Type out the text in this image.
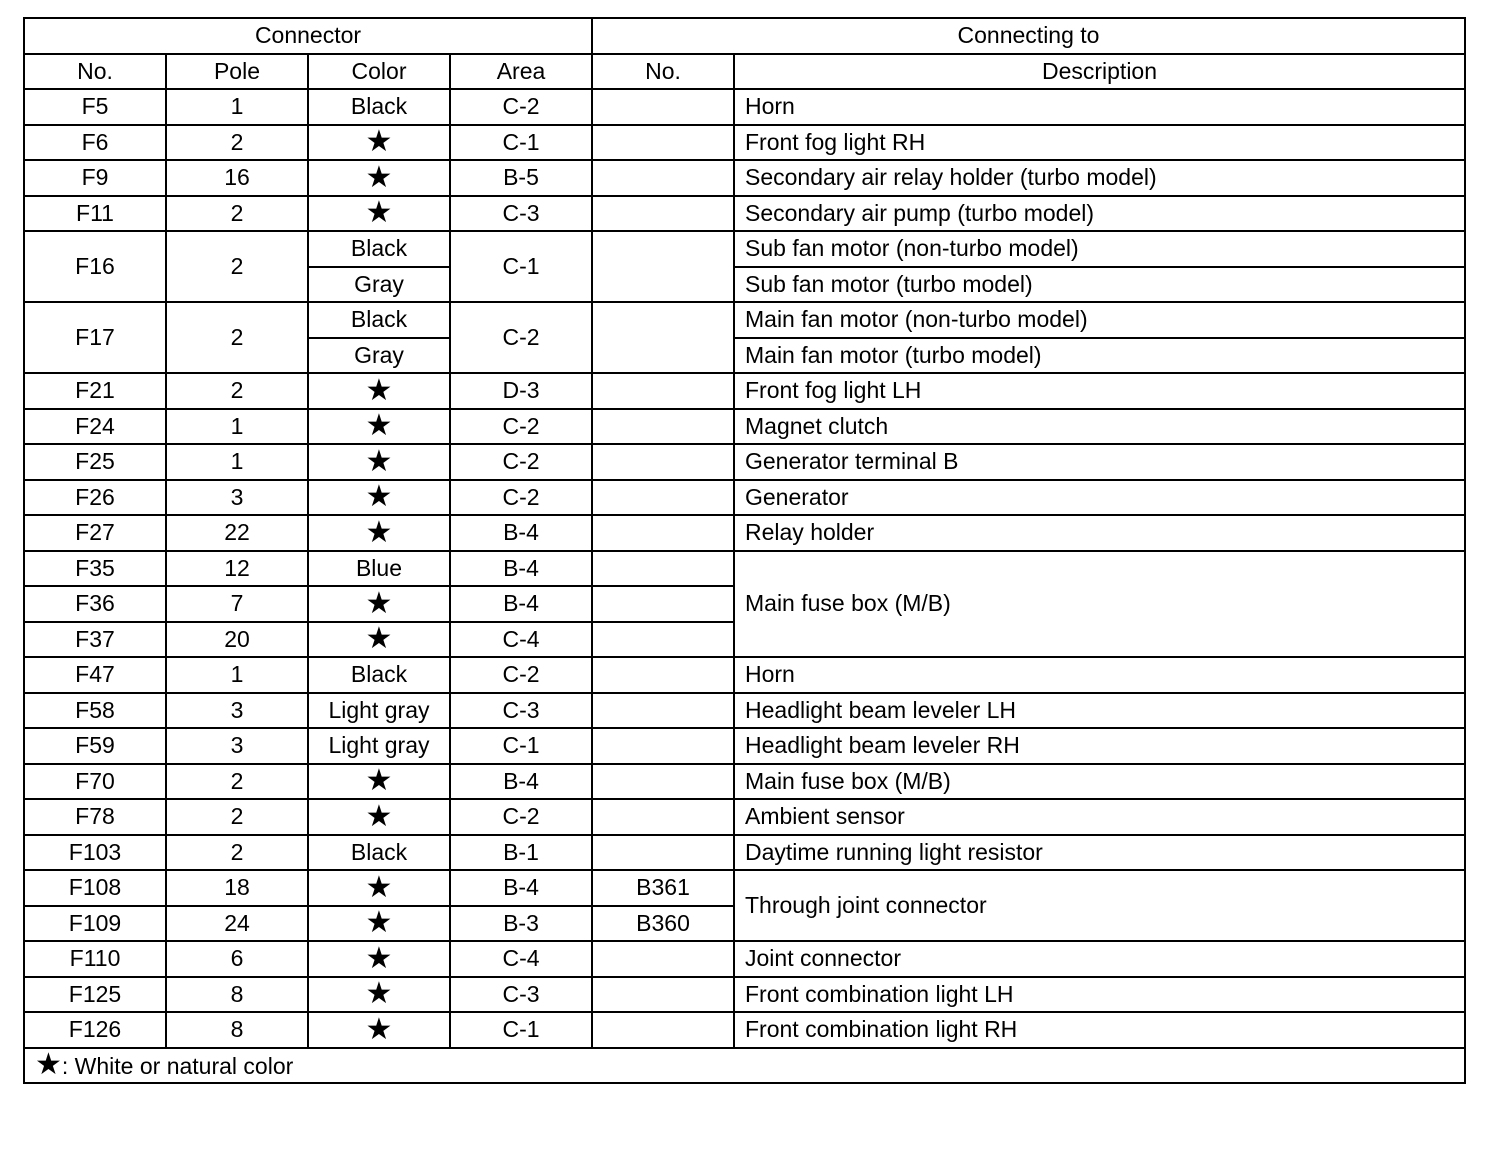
Connector				Connecting to	
No.	Pole	Color	Area	No.	Description
F5	1	Black	C-2		Horn
F6	2	★	C-1		Front fog light RH
F9	16	★	B-5		Secondary air relay holder (turbo model)
F11	2	★	C-3		Secondary air pump (turbo model)
F16	2	Black	C-1		Sub fan motor (non-turbo model)
		Gray			Sub fan motor (turbo model)
F17	2	Black	C-2		Main fan motor (non-turbo model)
		Gray			Main fan motor (turbo model)
F21	2	★	D-3		Front fog light LH
F24	1	★	C-2		Magnet clutch
F25	1	★	C-2		Generator terminal B
F26	3	★	C-2		Generator
F27	22	★	B-4		Relay holder
F35	12	Blue	B-4		Main fuse box (M/B)
F36	7	★	B-4		
F37	20	★	C-4		
F47	1	Black	C-2		Horn
F58	3	Light gray	C-3		Headlight beam leveler LH
F59	3	Light gray	C-1		Headlight beam leveler RH
F70	2	★	B-4		Main fuse box (M/B)
F78	2	★	C-2		Ambient sensor
F103	2	Black	B-1		Daytime running light resistor
F108	18	★	B-4	B361	Through joint connector
F109	24	★	B-3	B360	
F110	6	★	C-4		Joint connector
F125	8	★	C-3		Front combination light LH
F126	8	★	C-1		Front combination light RH
★: White or natural color					
